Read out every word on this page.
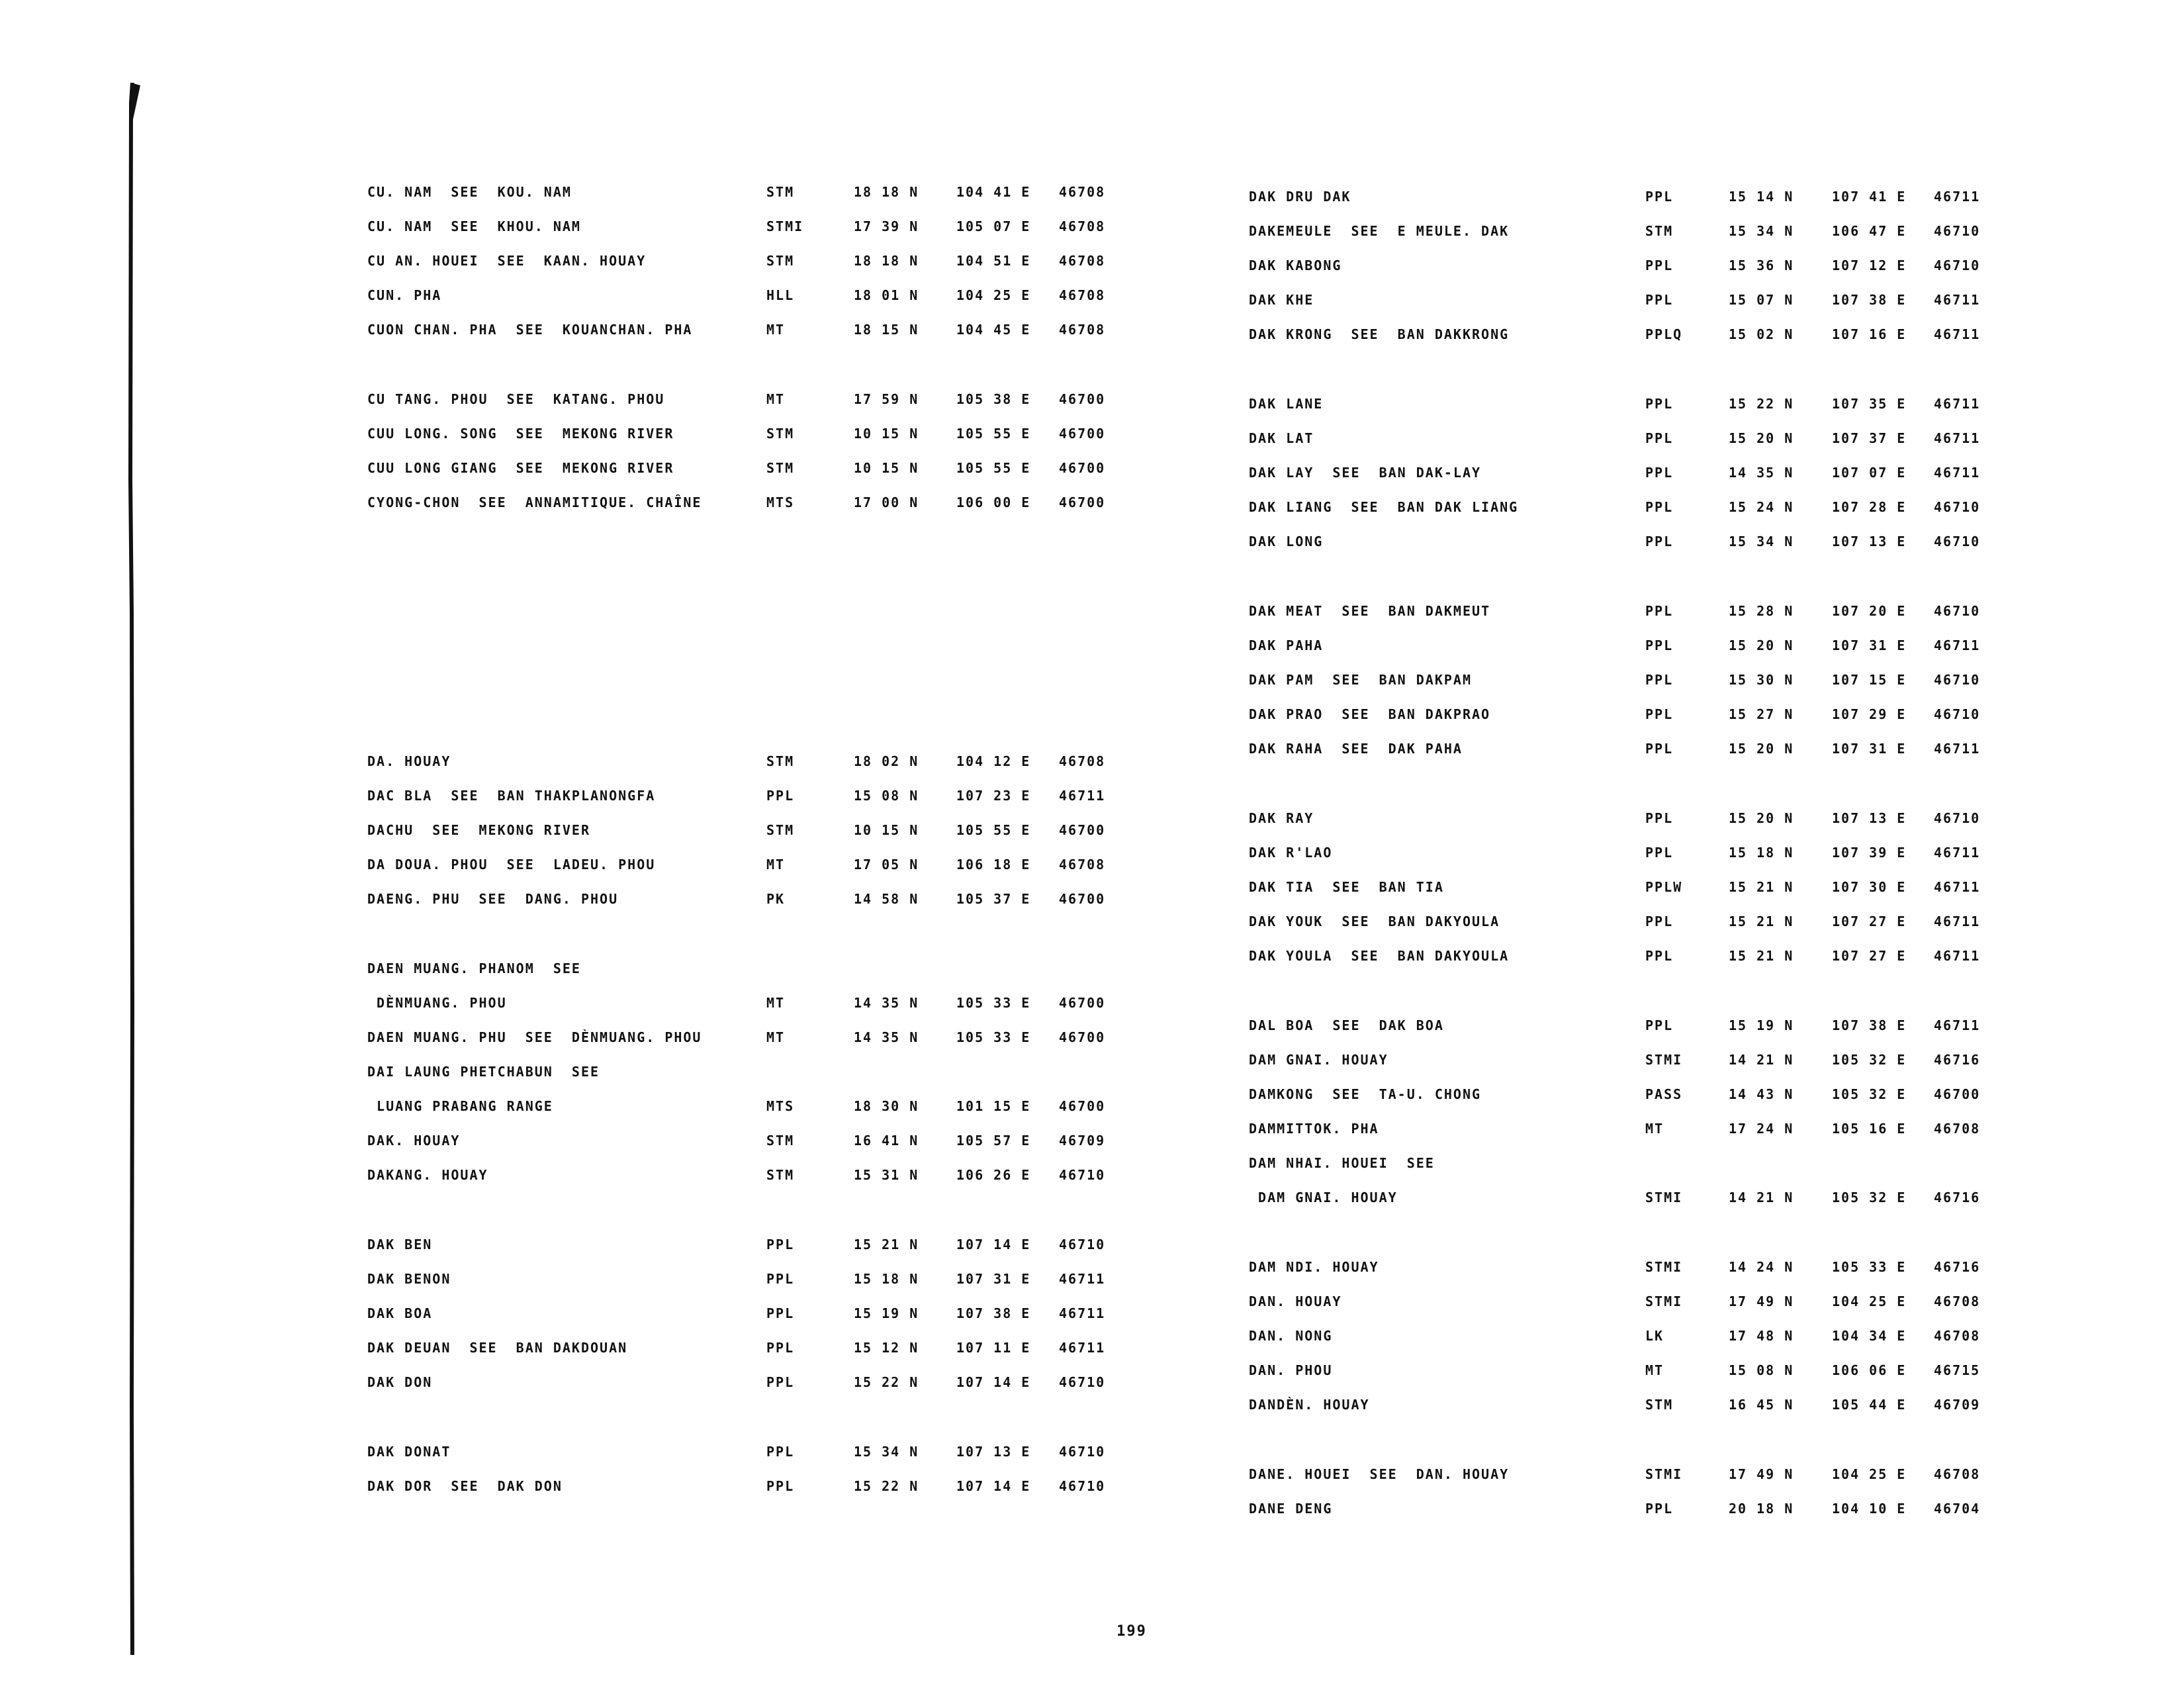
CU. NAM  SEE  KOU. NAM	STM	18 18 N	104 41 E 46708
CU. NAM  SEE  KHOU. NAM	STMI	17 39 N	105 07 E 46708
CU AN. HOUEI  SEE  KAAN. HOUAY	STM	18 18 N	104 51 E 46708
CUN. PHA	HLL	18 01 N	104 25 E 46708
CUON CHAN. PHA  SEE  KOUANCHAN. PHA	MT	18 15 N	104 45 E 46708
CU TANG. PHOU  SEE  KATANG. PHOU	MT	17 59 N	105 38 E 46700
CUU LONG. SONG  SEE  MEKONG RIVER	STM	10 15 N	105 55 E 46700
CUU LONG GIANG  SEE  MEKONG RIVER	STM	10 15 N	105 55 E 46700
CYONG-CHON  SEE  ANNAMITIQUE. CHAÎNE	MTS	17 00 N	106 00 E 46700
DA. HOUAY	STM	18 02 N	104 12 E 46708
DAC BLA  SEE  BAN THAKPLANONGFA	PPL	15 08 N	107 23 E 46711
DACHU  SEE  MEKONG RIVER	STM	10 15 N	105 55 E 46700
DA DOUA. PHOU  SEE  LADEU. PHOU	MT	17 05 N	106 18 E 46708
DAENG. PHU  SEE  DANG. PHOU	PK	14 58 N	105 37 E 46700
DAEN MUANG. PHANOM  SEE
DÈNMUANG. PHOU	MT	14 35 N	105 33 E 46700
DAEN MUANG. PHU  SEE  DÈNMUANG. PHOU	MT	14 35 N	105 33 E 46700
DAI LAUNG PHETCHABUN  SEE
LUANG PRABANG RANGE	MTS	18 30 N	101 15 E 46700
DAK. HOUAY	STM	16 41 N	105 57 E 46709
DAKANG. HOUAY	STM	15 31 N	106 26 E 46710
DAK BEN	PPL	15 21 N	107 14 E 46710
DAK BENON	PPL	15 18 N	107 31 E 46711
DAK BOA	PPL	15 19 N	107 38 E 46711
DAK DEUAN  SEE  BAN DAKDOUAN	PPL	15 12 N	107 11 E 46711
DAK DON	PPL	15 22 N	107 14 E 46710
DAK DONAT	PPL	15 34 N	107 13 E 46710
DAK DOR  SEE  DAK DON	PPL	15 22 N	107 14 E 46710
DAK DRU DAK	PPL	15 14 N	107 41 E 46711
DAKEMEULE  SEE  E MEULE. DAK	STM	15 34 N	106 47 E 46710
DAK KABONG	PPL	15 36 N	107 12 E 46710
DAK KHE	PPL	15 07 N	107 38 E 46711
DAK KRONG  SEE  BAN DAKKRONG	PPLQ	15 02 N	107 16 E 46711
DAK LANE	PPL	15 22 N	107 35 E 46711
DAK LAT	PPL	15 20 N	107 37 E 46711
DAK LAY  SEE  BAN DAK-LAY	PPL	14 35 N	107 07 E 46711
DAK LIANG  SEE  BAN DAK LIANG	PPL	15 24 N	107 28 E 46710
DAK LONG	PPL	15 34 N	107 13 E 46710
DAK MEAT  SEE  BAN DAKMEUT	PPL	15 28 N	107 20 E 46710
DAK PAHA	PPL	15 20 N	107 31 E 46711
DAK PAM  SEE  BAN DAKPAM	PPL	15 30 N	107 15 E 46710
DAK PRAO  SEE  BAN DAKPRAO	PPL	15 27 N	107 29 E 46710
DAK RAHA  SEE  DAK PAHA	PPL	15 20 N	107 31 E 46711
DAK RAY	PPL	15 20 N	107 13 E 46710
DAK R'LAO	PPL	15 18 N	107 39 E 46711
DAK TIA  SEE  BAN TIA	PPLW	15 21 N	107 30 E 46711
DAK YOUK  SEE  BAN DAKYOULA	PPL	15 21 N	107 27 E 46711
DAK YOULA  SEE  BAN DAKYOULA	PPL	15 21 N	107 27 E 46711
DAL BOA  SEE  DAK BOA	PPL	15 19 N	107 38 E 46711
DAM GNAI. HOUAY	STMI	14 21 N	105 32 E 46716
DAMKONG  SEE  TA-U. CHONG	PASS	14 43 N	105 32 E 46700
DAMMITTOK. PHA	MT	17 24 N	105 16 E 46708
DAM NHAI. HOUEI  SEE
DAM GNAI. HOUAY	STMI	14 21 N	105 32 E 46716
DAM NDI. HOUAY	STMI	14 24 N	105 33 E 46716
DAN. HOUAY	STMI	17 49 N	104 25 E 46708
DAN. NONG	LK	17 48 N	104 34 E 46708
DAN. PHOU	MT	15 08 N	106 06 E 46715
DANDÈN. HOUAY	STM	16 45 N	105 44 E 46709
DANE. HOUEI  SEE  DAN. HOUAY	STMI	17 49 N	104 25 E 46708
DANE DENG	PPL	20 18 N	104 10 E 46704
199
